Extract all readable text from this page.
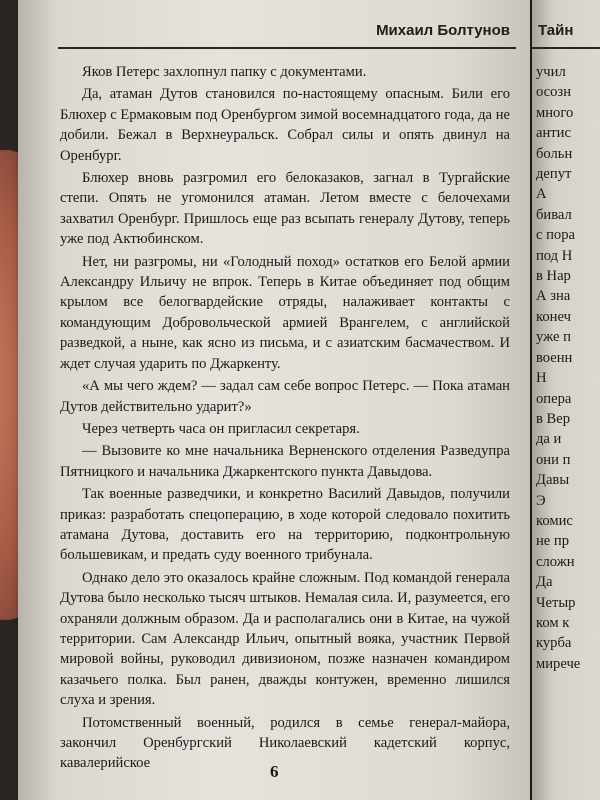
Михаил Болтунов

Яков Петерс захлопнул папку с документами.

Да, атаман Дутов становился по-настоящему опасным. Били его Блюхер с Ермаковым под Оренбургом зимой восемнадцатого года, да не добили. Бежал в Верхнеуральск. Собрал силы и опять двинул на Оренбург.

Блюхер вновь разгромил его белоказаков, загнал в Тургайские степи. Опять не угомонился атаман. Летом вместе с белочехами захватил Оренбург. Пришлось еще раз всыпать генералу Дутову, теперь уже под Актюбинском.

Нет, ни разгромы, ни «Голодный поход» остатков его Белой армии Александру Ильичу не впрок. Теперь в Китае объединяет под общим крылом все белогвардейские отряды, налаживает контакты с командующим Добровольческой армией Врангелем, с английской разведкой, а ныне, как ясно из письма, и с азиатским басмачеством. И ждет случая ударить по Джаркенту.

«А мы чего ждем? — задал сам себе вопрос Петерс. — Пока атаман Дутов действительно ударит?»

Через четверть часа он пригласил секретаря.

— Вызовите ко мне начальника Верненского отделения Разведупра Пятницкого и начальника Джаркентского пункта Давыдова.

Так военные разведчики, и конкретно Василий Давыдов, получили приказ: разработать спецоперацию, в ходе которой следовало похитить атамана Дутова, доставить его на территорию, подконтрольную большевикам, и предать суду военного трибунала.

Однако дело это оказалось крайне сложным. Под командой генерала Дутова было несколько тысяч штыков. Немалая сила. И, разумеется, его охраняли должным образом. Да и располагались они в Китае, на чужой территории. Сам Александр Ильич, опытный вояка, участник Первой мировой войны, руководил дивизионом, позже назначен командиром казачьего полка. Был ранен, дважды контужен, временно лишился слуха и зрения.

Потомственный военный, родился в семье генерал-майора, закончил Оренбургский Николаевский кадетский корпус, кавалерийское	6
Тайн
учил
осозн
много
антис
больн
депут
А
бивал
с пора
под Н
в Нар
А зна
конеч
уже п
военн
Н
опера
в Вер
да и
они п
Давы
Э
комис
не пр
сложн
Да
Четыр
ком к
курба
мирече
